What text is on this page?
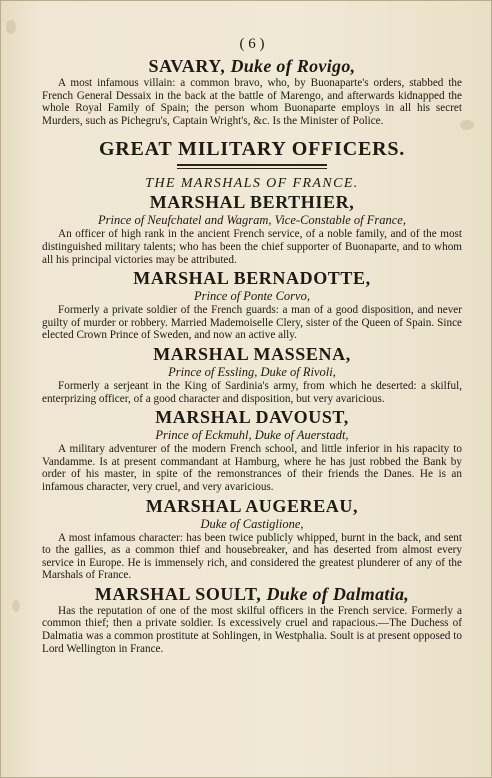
( 6 )

SAVARY, Duke of Rovigo,

A most infamous villain: a common bravo, who, by Buonaparte's orders, stabbed the French General Dessaix in the back at the battle of Marengo, and afterwards kidnapped the whole Royal Family of Spain; the person whom Buonaparte employs in all his secret Murders, such as Pichegru's, Captain Wright's, &c. Is the Minister of Police.

GREAT MILITARY OFFICERS.

THE MARSHALS OF FRANCE.

MARSHAL BERTHIER,

Prince of Neufchatel and Wagram, Vice-Constable of France,

An officer of high rank in the ancient French service, of a noble family, and of the most distinguished military talents; who has been the chief supporter of Buonaparte, and to whom all his principal victories may be attributed.

MARSHAL BERNADOTTE,

Prince of Ponte Corvo,

Formerly a private soldier of the French guards: a man of a good disposition, and never guilty of murder or robbery. Married Mademoiselle Clery, sister of the Queen of Spain. Since elected Crown Prince of Sweden, and now an active ally.

MARSHAL MASSENA,

Prince of Essling, Duke of Rivoli,

Formerly a serjeant in the King of Sardinia's army, from which he deserted: a skilful, enterprizing officer, of a good character and disposition, but very avaricious.

MARSHAL DAVOUST,

Prince of Eckmuhl, Duke of Auerstadt,

A military adventurer of the modern French school, and little inferior in his rapacity to Vandamme. Is at present commandant at Hamburg, where he has just robbed the Bank by order of his master, in spite of the remonstrances of their friends the Danes. He is an infamous character, very cruel, and very avaricious.

MARSHAL AUGEREAU,

Duke of Castiglione,

A most infamous character: has been twice publicly whipped, burnt in the back, and sent to the gallies, as a common thief and housebreaker, and has deserted from almost every service in Europe. He is immensely rich, and considered the greatest plunderer of any of the Marshals of France.

MARSHAL SOULT, Duke of Dalmatia,

Has the reputation of one of the most skilful officers in the French service. Formerly a common thief; then a private soldier. Is excessively cruel and rapacious.—The Duchess of Dalmatia was a common prostitute at Sohlingen, in Westphalia. Soult is at present opposed to Lord Wellington in France.
